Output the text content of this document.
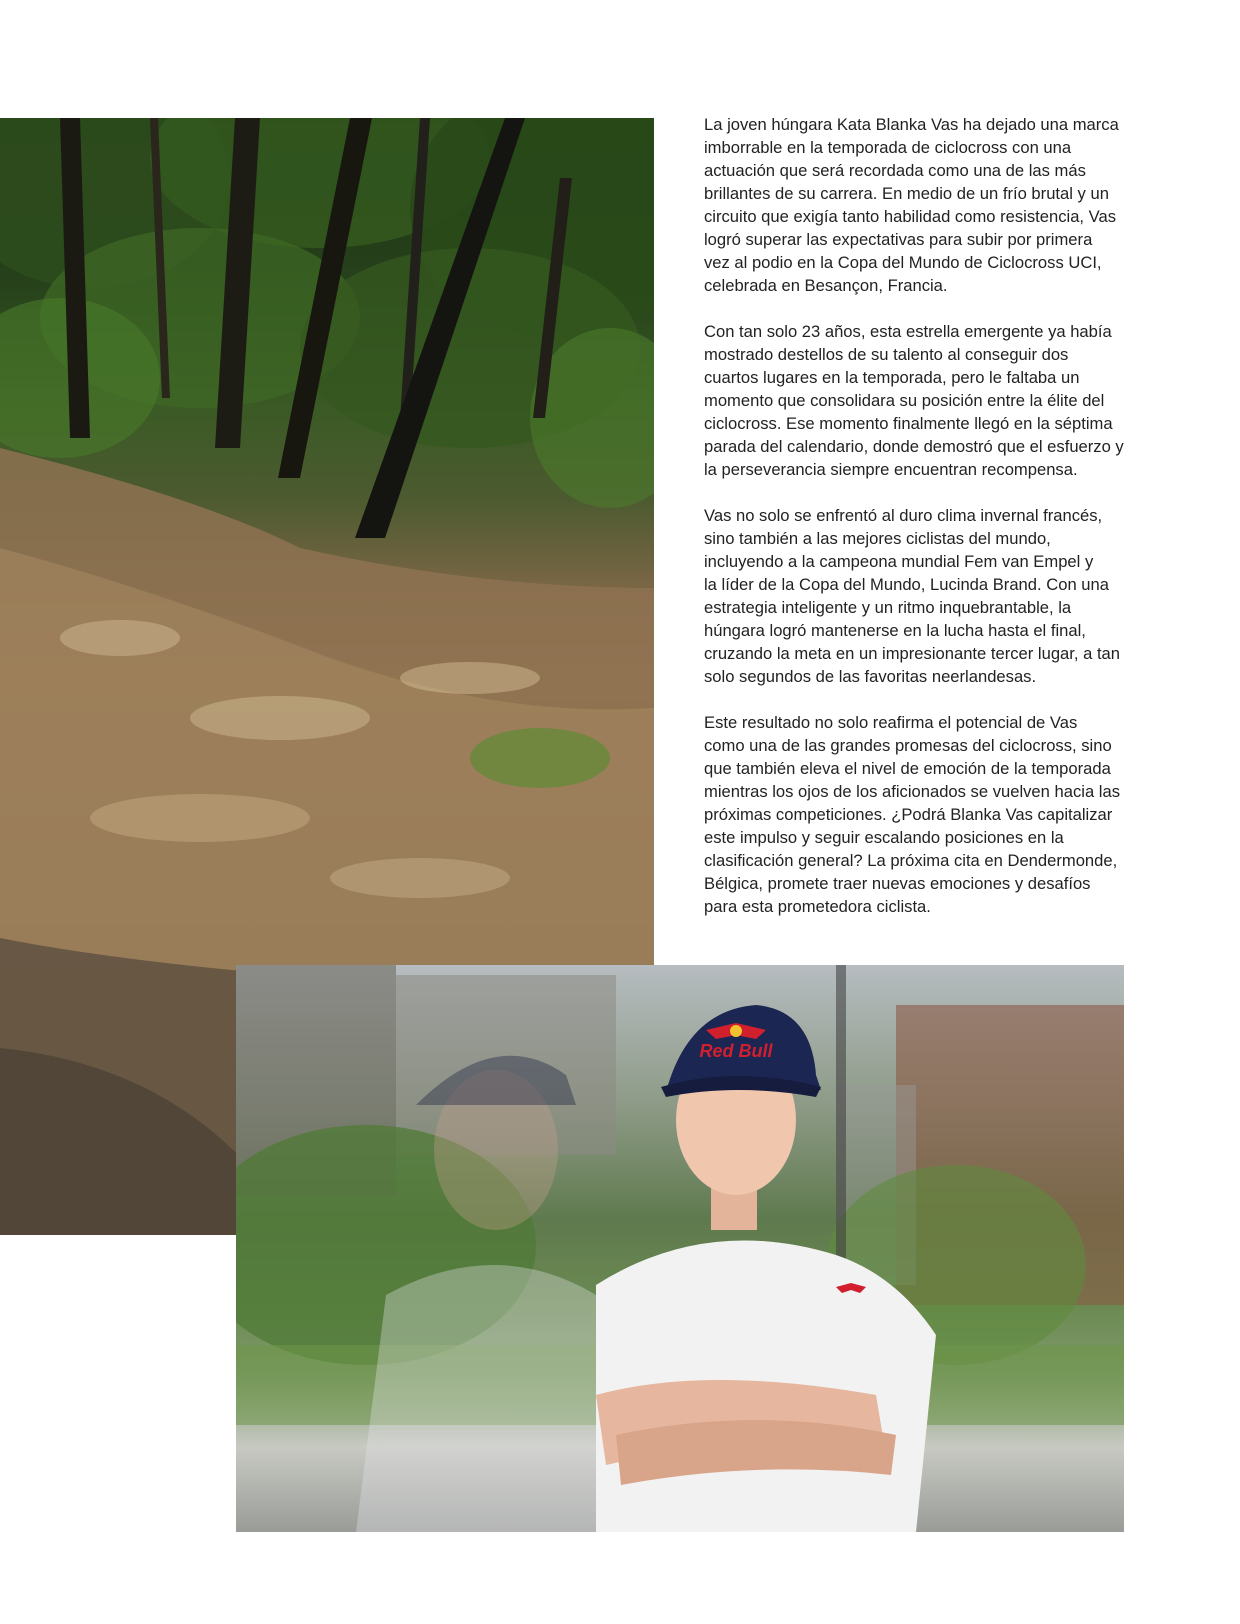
Red Bull

La joven húngara Kata Blanka Vas ha dejado una marca
imborrable en la temporada de ciclocross con una
actuación que será recordada como una de las más
brillantes de su carrera. En medio de un frío brutal y un
circuito que exigía tanto habilidad como resistencia, Vas
logró superar las expectativas para subir por primera
vez al podio en la Copa del Mundo de Ciclocross UCI,
celebrada en Besançon, Francia.

Con tan solo 23 años, esta estrella emergente ya había
mostrado destellos de su talento al conseguir dos
cuartos lugares en la temporada, pero le faltaba un
momento que consolidara su posición entre la élite del
ciclocross. Ese momento finalmente llegó en la séptima
parada del calendario, donde demostró que el esfuerzo y
la perseverancia siempre encuentran recompensa.

Vas no solo se enfrentó al duro clima invernal francés,
sino también a las mejores ciclistas del mundo,
incluyendo a la campeona mundial Fem van Empel y
la líder de la Copa del Mundo, Lucinda Brand. Con una
estrategia inteligente y un ritmo inquebrantable, la
húngara logró mantenerse en la lucha hasta el final,
cruzando la meta en un impresionante tercer lugar, a tan
solo segundos de las favoritas neerlandesas.

Este resultado no solo reafirma el potencial de Vas
como una de las grandes promesas del ciclocross, sino
que también eleva el nivel de emoción de la temporada
mientras los ojos de los aficionados se vuelven hacia las
próximas competiciones. ¿Podrá Blanka Vas capitalizar
este impulso y seguir escalando posiciones en la
clasificación general? La próxima cita en Dendermonde,
Bélgica, promete traer nuevas emociones y desafíos
para esta prometedora ciclista.
